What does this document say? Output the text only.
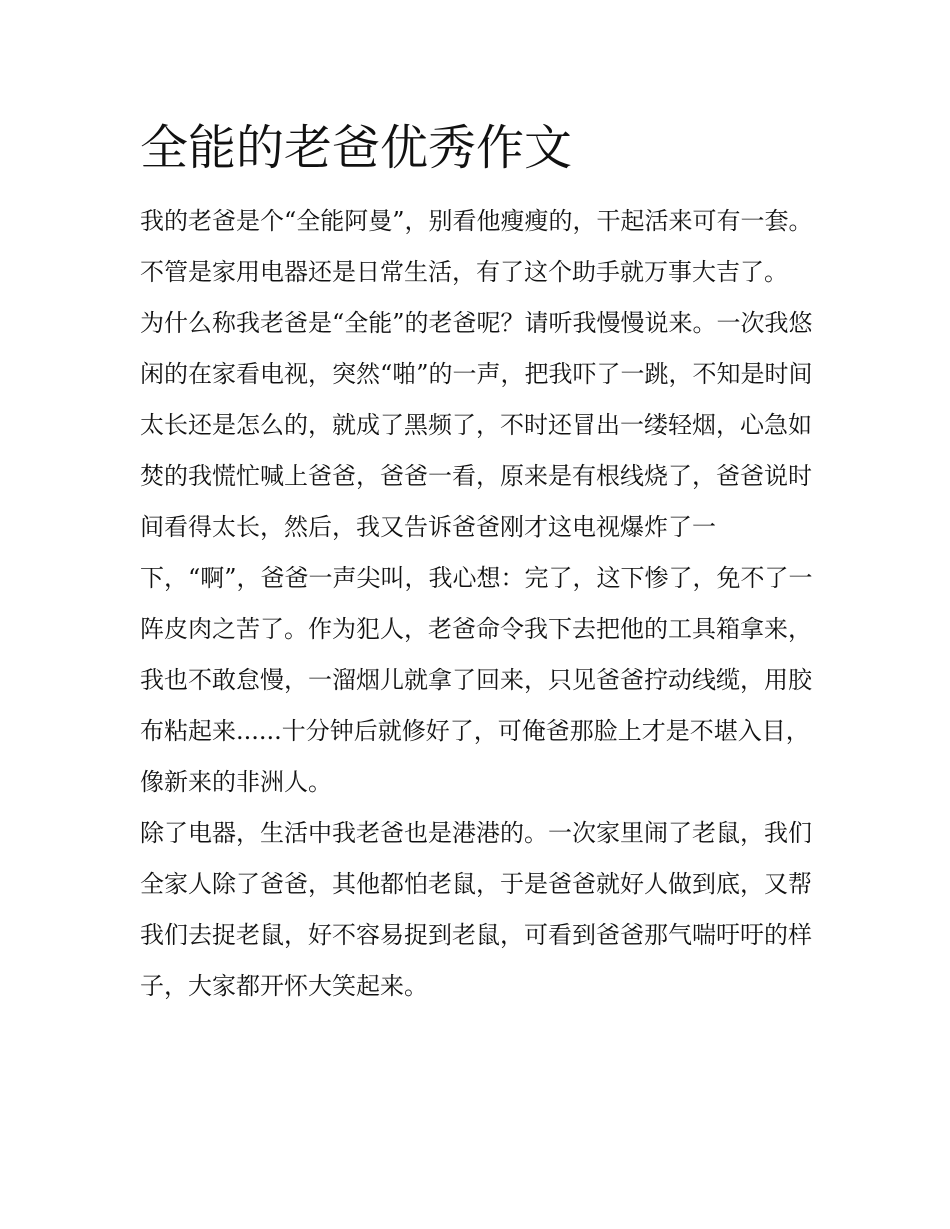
全能的老爸优秀作文

我的老爸是个“全能阿曼”，别看他瘦瘦的，干起活来可有一套。不管是家用电器还是日常生活，有了这个助手就万事大吉了。

为什么称我老爸是“全能”的老爸呢？请听我慢慢说来。一次我悠闲的在家看电视，突然“啪”的一声，把我吓了一跳，不知是时间太长还是怎么的，就成了黑频了，不时还冒出一缕轻烟，心急如焚的我慌忙喊上爸爸，爸爸一看，原来是有根线烧了，爸爸说时间看得太长，然后，我又告诉爸爸刚才这电视爆炸了一下，“啊”，爸爸一声尖叫，我心想：完了，这下惨了，免不了一阵皮肉之苦了。作为犯人，老爸命令我下去把他的工具箱拿来，我也不敢怠慢，一溜烟儿就拿了回来，只见爸爸拧动线缆，用胶布粘起来......十分钟后就修好了，可俺爸那脸上才是不堪入目，像新来的非洲人。

除了电器，生活中我老爸也是港港的。一次家里闹了老鼠，我们全家人除了爸爸，其他都怕老鼠，于是爸爸就好人做到底，又帮我们去捉老鼠，好不容易捉到老鼠，可看到爸爸那气喘吁吁的样子，大家都开怀大笑起来。
